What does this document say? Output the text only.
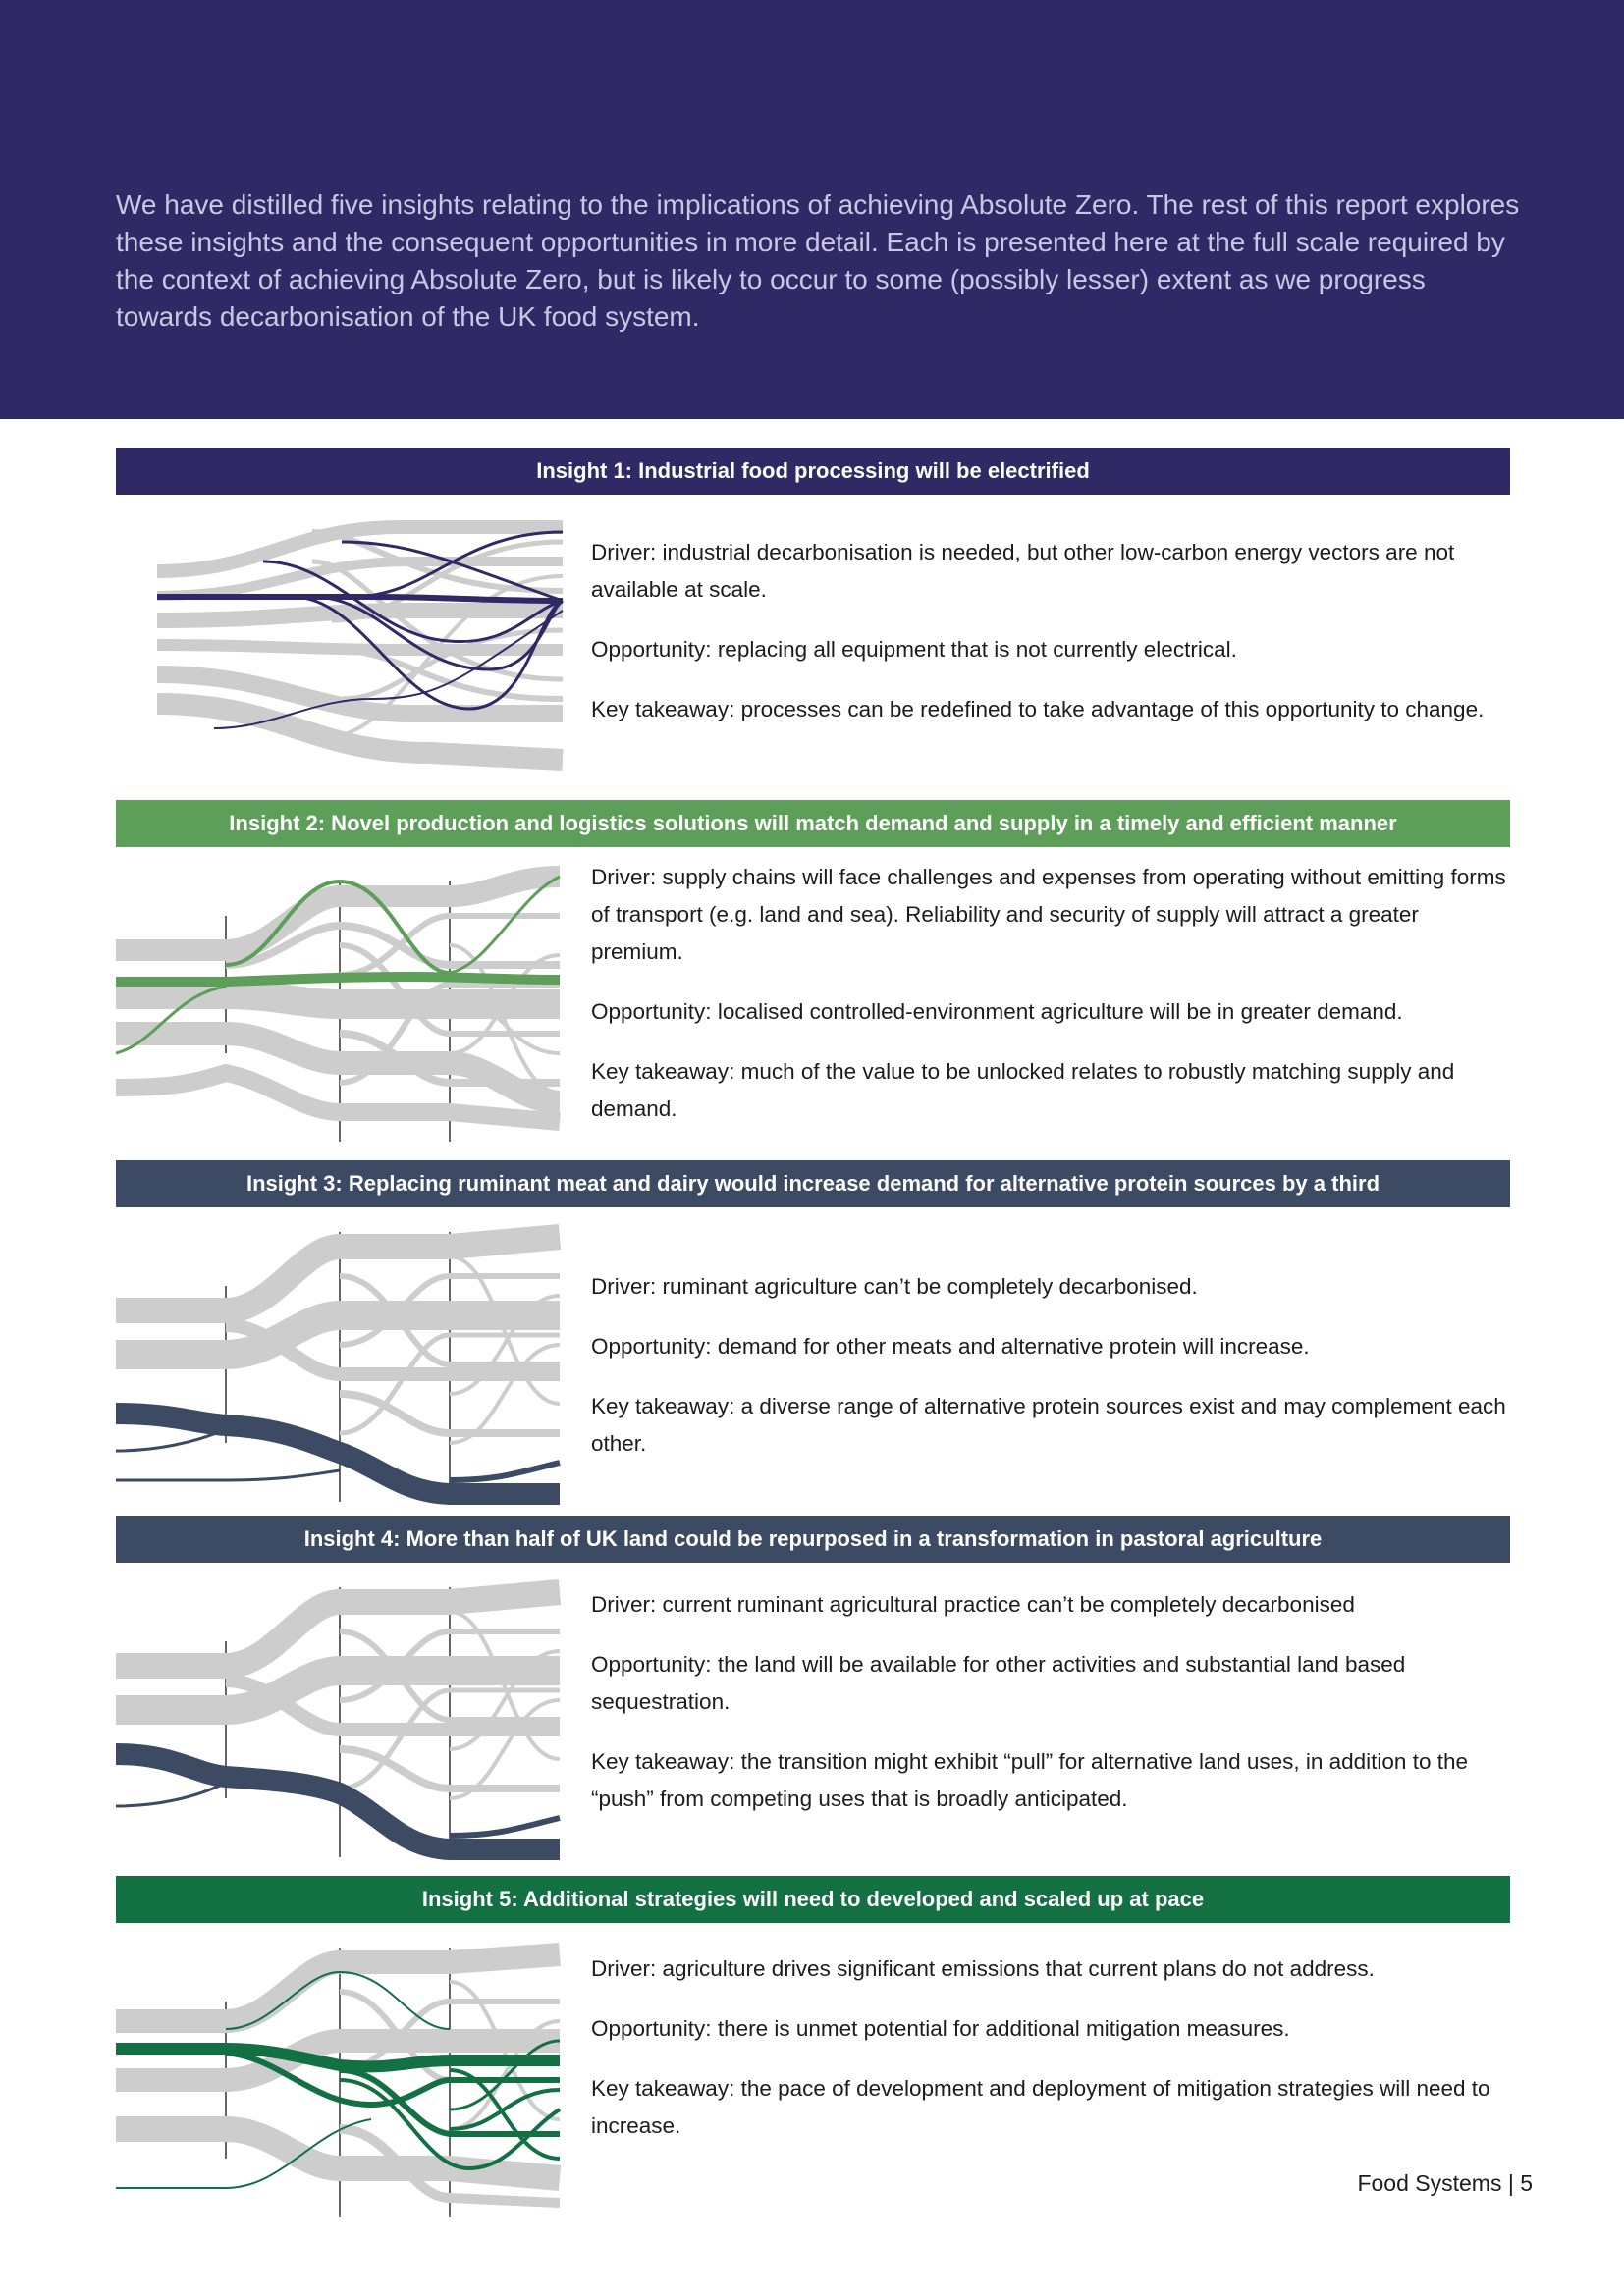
We have distilled five insights relating to the implications of achieving Absolute Zero. The rest of this report explores these insights and the consequent opportunities in more detail. Each is presented here at the full scale required by the context of achieving Absolute Zero, but is likely to occur to some (possibly lesser) extent as we progress towards decarbonisation of the UK food system.

Insight 1: Industrial food processing will be electrified

Driver: industrial decarbonisation is needed, but other low-carbon energy vectors are not available at scale.

Opportunity: replacing all equipment that is not currently electrical.

Key takeaway: processes can be redefined to take advantage of this opportunity to change.

Insight 2: Novel production and logistics solutions will match demand and supply in a timely and efficient manner

Driver: supply chains will face challenges and expenses from operating without emitting forms of transport (e.g. land and sea). Reliability and security of supply will attract a greater premium.

Opportunity: localised controlled-environment agriculture will be in greater demand.

Key takeaway: much of the value to be unlocked relates to robustly matching supply and demand.

Insight 3: Replacing ruminant meat and dairy would increase demand for alternative protein sources by a third

Driver: ruminant agriculture can’t be completely decarbonised.

Opportunity: demand for other meats and alternative protein will increase.

Key takeaway: a diverse range of alternative protein sources exist and may complement each other.

Insight 4: More than half of UK land could be repurposed in a transformation in pastoral agriculture

Driver: current ruminant agricultural practice can’t be completely decarbonised

Opportunity: the land will be available for other activities and substantial land based sequestration.

Key takeaway: the transition might exhibit “pull” for alternative land uses, in addition to the “push” from competing uses that is broadly anticipated.

Insight 5: Additional strategies will need to developed and scaled up at pace

Driver: agriculture drives significant emissions that current plans do not address.

Opportunity: there is unmet potential for additional mitigation measures.

Key takeaway: the pace of development and deployment of mitigation strategies will need to increase.

Food Systems | 5
